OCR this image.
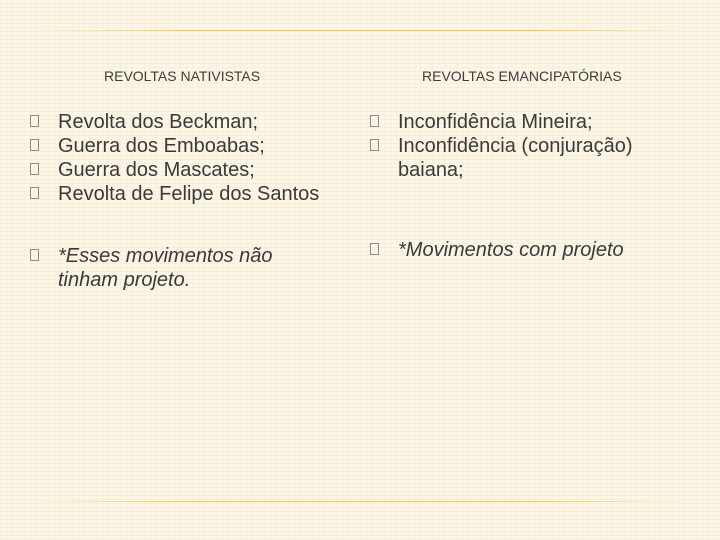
REVOLTAS NATIVISTAS	REVOLTAS EMANCIPATÓRIAS
Revolta dos Beckman;
Guerra dos Emboabas;
Guerra dos Mascates;
Revolta de Felipe dos Santos
*Esses movimentos não tinham projeto.
Inconfidência Mineira;
Inconfidência (conjuração) baiana;
*Movimentos com projeto
